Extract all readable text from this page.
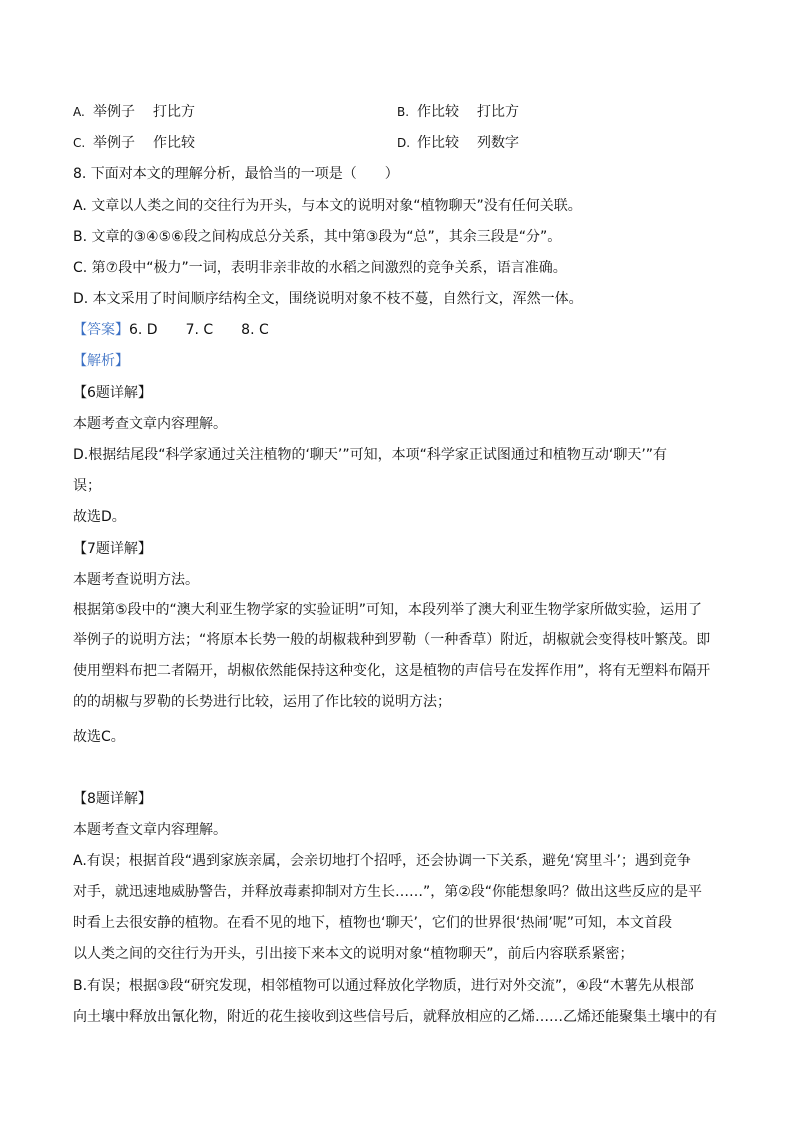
A. 举例子 打比方	B. 作比较 打比方
C. 举例子 作比较	D. 作比较 列数字
8. 下面对本文的理解分析，最恰当的一项是（　　）
A. 文章以人类之间的交往行为开头，与本文的说明对象“植物聊天”没有任何关联。
B. 文章的③④⑤⑥段之间构成总分关系，其中第③段为“总”，其余三段是“分”。
C. 第⑦段中“极力”一词，表明非亲非故的水稻之间激烈的竞争关系，语言准确。
D. 本文采用了时间顺序结构全文，围绕说明对象不枝不蔓，自然行文，浑然一体。
【答案】6. D　　7. C　　8. C
【解析】
【6题详解】
本题考查文章内容理解。
D.根据结尾段“科学家通过关注植物的‘聊天’”可知，本项“科学家正试图通过和植物互动‘聊天’”有
误；
故选D。
【7题详解】
本题考查说明方法。
根据第⑤段中的“澳大利亚生物学家的实验证明”可知，本段列举了澳大利亚生物学家所做实验，运用了
举例子的说明方法；“将原本长势一般的胡椒栽种到罗勒（一种香草）附近，胡椒就会变得枝叶繁茂。即
使用塑料布把二者隔开，胡椒依然能保持这种变化，这是植物的声信号在发挥作用”，将有无塑料布隔开
的的胡椒与罗勒的长势进行比较，运用了作比较的说明方法；
故选C。
【8题详解】
本题考查文章内容理解。
A.有误；根据首段“遇到家族亲属，会亲切地打个招呼，还会协调一下关系，避免‘窝里斗’；遇到竞争
对手，就迅速地威胁警告，并释放毒素抑制对方生长……”，第②段“你能想象吗？做出这些反应的是平
时看上去很安静的植物。在看不见的地下，植物也‘聊天’，它们的世界很‘热闹’呢”可知，本文首段
以人类之间的交往行为开头，引出接下来本文的说明对象“植物聊天”，前后内容联系紧密；
B.有误；根据③段“研究发现，相邻植物可以通过释放化学物质，进行对外交流”，④段“木薯先从根部
向土壤中释放出氰化物，附近的花生接收到这些信号后，就释放相应的乙烯……乙烯还能聚集土壤中的有
